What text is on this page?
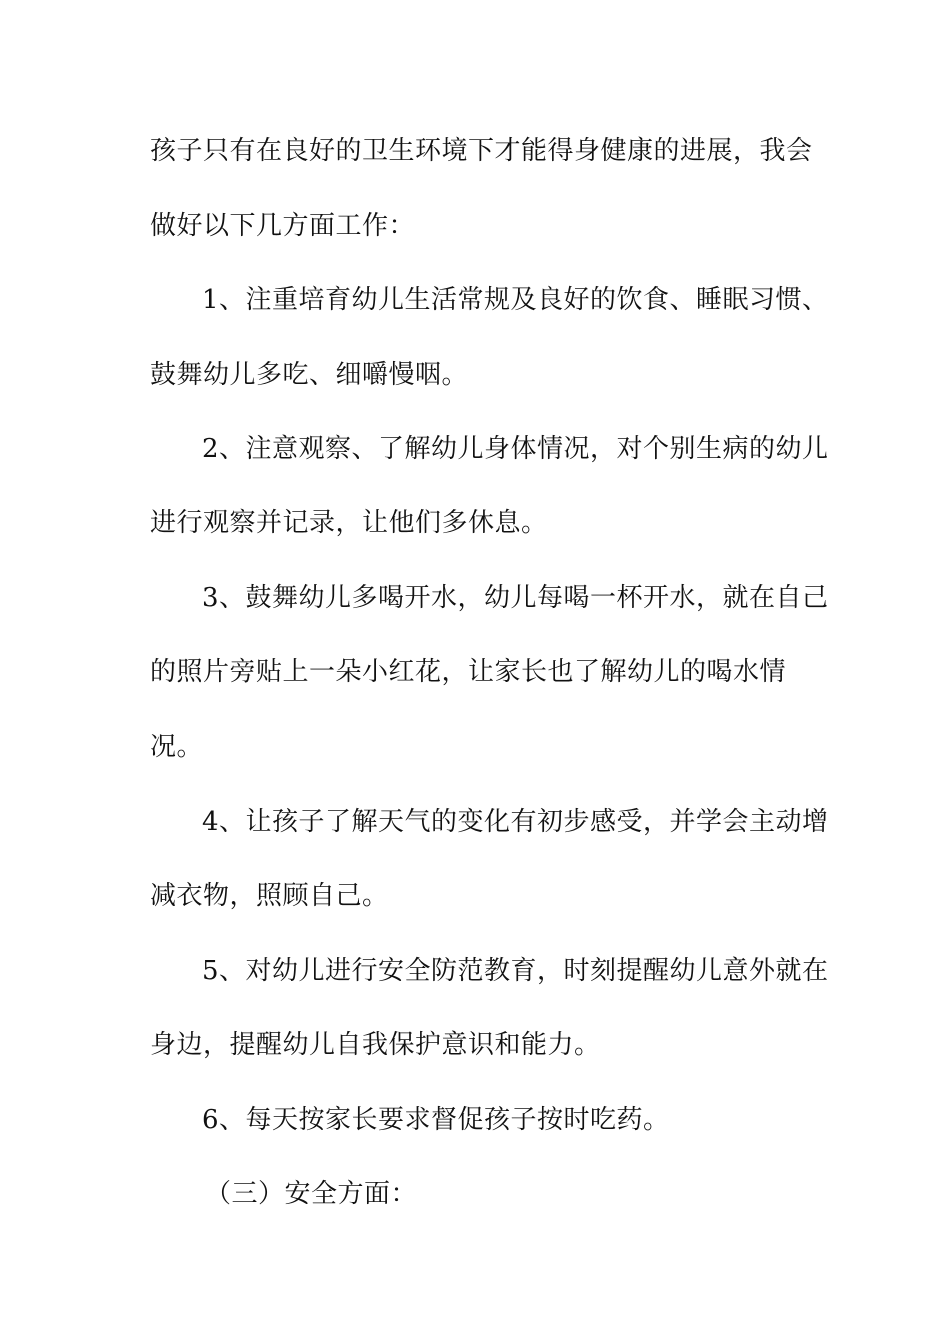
孩子只有在良好的卫生环境下才能得身健康的进展，我会
做好以下几方面工作：
1、注重培育幼儿生活常规及良好的饮食、睡眠习惯、
鼓舞幼儿多吃、细嚼慢咽。
2、注意观察、了解幼儿身体情况，对个别生病的幼儿
进行观察并记录，让他们多休息。
3、鼓舞幼儿多喝开水，幼儿每喝一杯开水，就在自己
的照片旁贴上一朵小红花，让家长也了解幼儿的喝水情
况。
4、让孩子了解天气的变化有初步感受，并学会主动增
减衣物，照顾自己。
5、对幼儿进行安全防范教育，时刻提醒幼儿意外就在
身边，提醒幼儿自我保护意识和能力。
6、每天按家长要求督促孩子按时吃药。
（三）安全方面：
